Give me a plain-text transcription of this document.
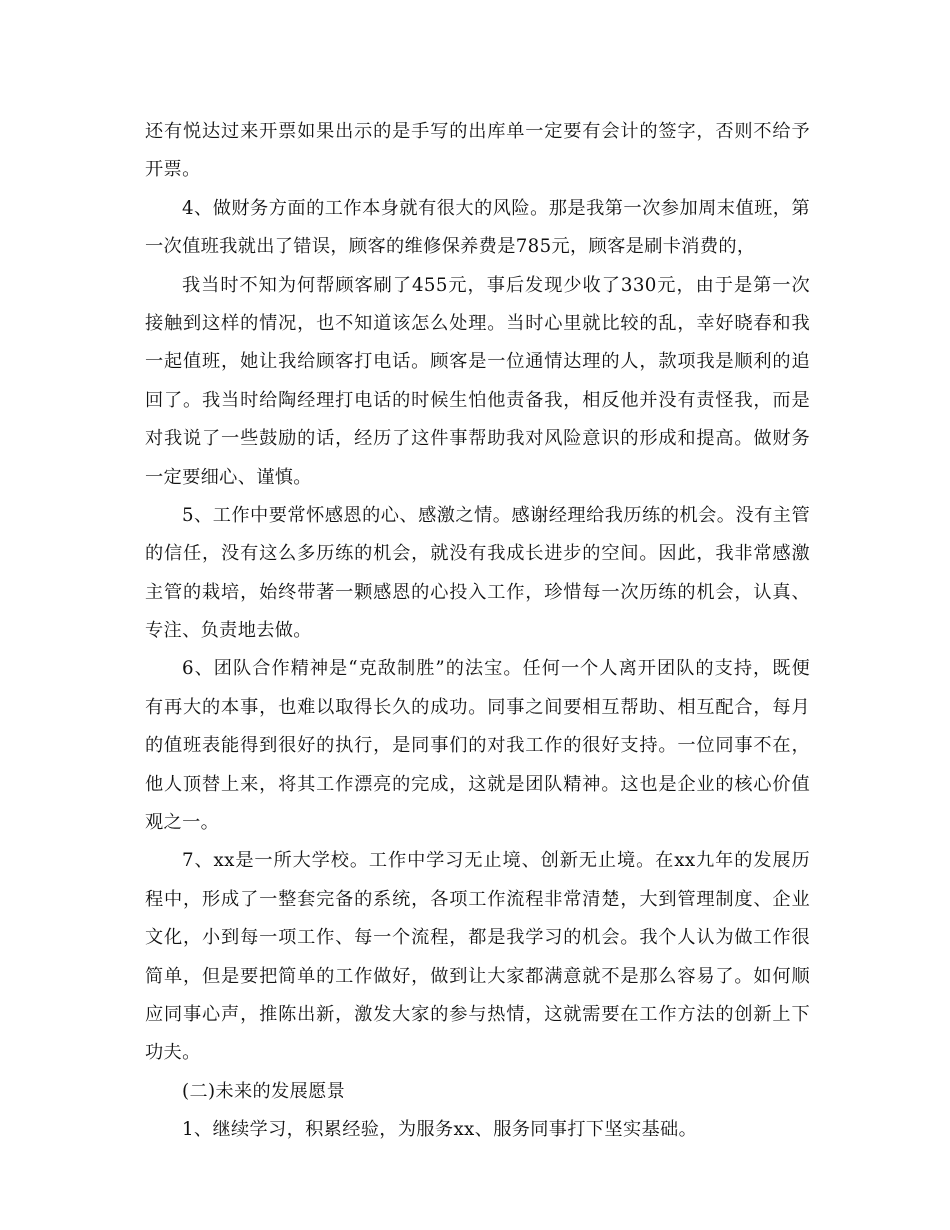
还有悦达过来开票如果出示的是手写的出库单一定要有会计的签字，否则不给予
开票。
4、做财务方面的工作本身就有很大的风险。那是我第一次参加周末值班，第
一次值班我就出了错误，顾客的维修保养费是785元，顾客是刷卡消费的，
我当时不知为何帮顾客刷了455元，事后发现少收了330元，由于是第一次
接触到这样的情况，也不知道该怎么处理。当时心里就比较的乱，幸好晓春和我
一起值班，她让我给顾客打电话。顾客是一位通情达理的人，款项我是顺利的追
回了。我当时给陶经理打电话的时候生怕他责备我，相反他并没有责怪我，而是
对我说了一些鼓励的话，经历了这件事帮助我对风险意识的形成和提高。做财务
一定要细心、谨慎。
5、工作中要常怀感恩的心、感激之情。感谢经理给我历练的机会。没有主管
的信任，没有这么多历练的机会，就没有我成长进步的空间。因此，我非常感激
主管的栽培，始终带著一颗感恩的心投入工作，珍惜每一次历练的机会，认真、
专注、负责地去做。
6、团队合作精神是“克敌制胜”的法宝。任何一个人离开团队的支持，既便
有再大的本事，也难以取得长久的成功。同事之间要相互帮助、相互配合，每月
的值班表能得到很好的执行，是同事们的对我工作的很好支持。一位同事不在，
他人顶替上来，将其工作漂亮的完成，这就是团队精神。这也是企业的核心价值
观之一。
7、xx是一所大学校。工作中学习无止境、创新无止境。在xx九年的发展历
程中，形成了一整套完备的系统，各项工作流程非常清楚，大到管理制度、企业
文化，小到每一项工作、每一个流程，都是我学习的机会。我个人认为做工作很
简单，但是要把简单的工作做好，做到让大家都满意就不是那么容易了。如何顺
应同事心声，推陈出新，激发大家的参与热情，这就需要在工作方法的创新上下
功夫。
(二)未来的发展愿景
1、继续学习，积累经验，为服务xx、服务同事打下坚实基础。
